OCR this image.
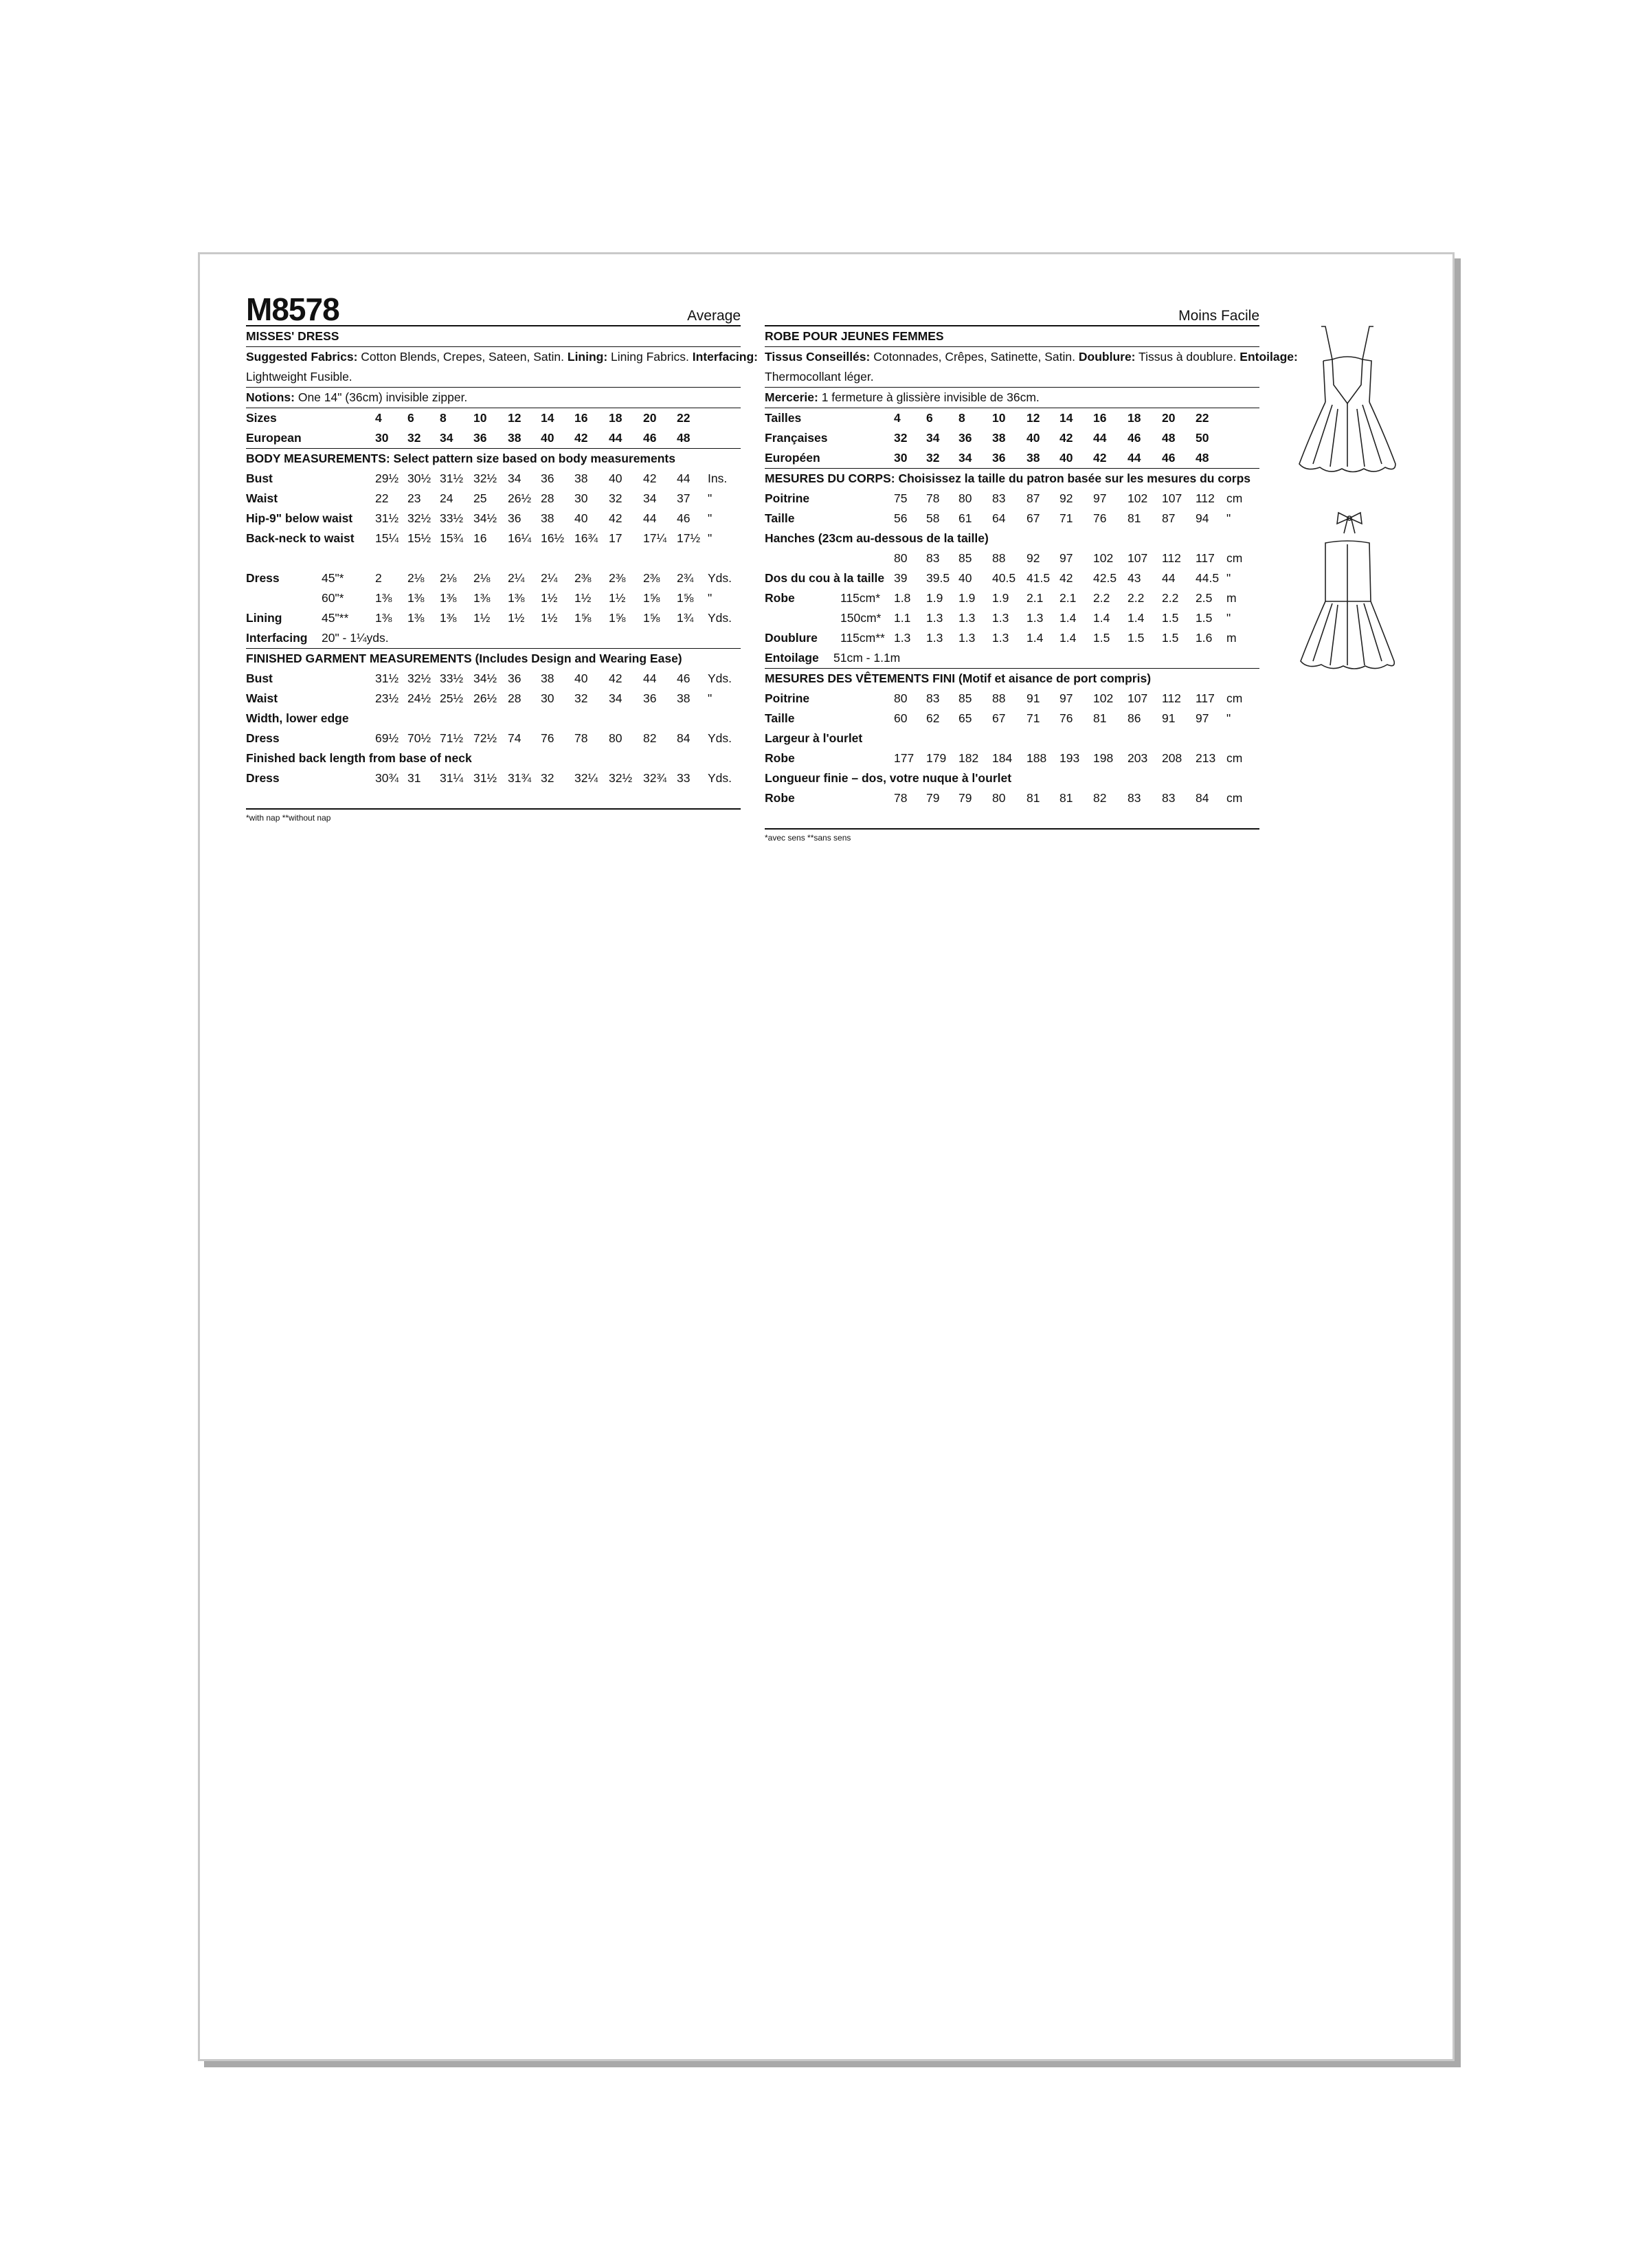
M8578	Average
MISSES' DRESS
Suggested Fabrics: Cotton Blends, Crepes, Sateen, Satin. Lining: Lining Fabrics. Interfacing:
Lightweight Fusible.
Notions: One 14" (36cm) invisible zipper.
Sizes	4 6 8 10 12 14 16 18 20 22
European	30 32 34 36 38 40 42 44 46 48
BODY MEASUREMENTS: Select pattern size based on body measurements
Bust	29½ 30½ 31½ 32½ 34 36 38 40 42 44 Ins.
Waist	22 23 24 25 26½ 28 30 32 34 37 "
Hip-9" below waist 31½ 32½ 33½ 34½ 36 38 40 42 44 46 "
Back-neck to waist 15¼ 15½ 15¾ 16 16¼ 16½ 16¾ 17 17¼ 17½ "
Dress	45"*	2 2⅛ 2⅛ 2⅛ 2¼ 2¼ 2⅜ 2⅜ 2⅜ 2¾ Yds.
60"*	1⅜ 1⅜ 1⅜ 1⅜ 1⅜ 1½ 1½ 1½ 1⅝ 1⅝ "
Lining	45"** 1⅜ 1⅜ 1⅜ 1½ 1½ 1½ 1⅝ 1⅝ 1⅝ 1¾ Yds.
Interfacing 20" - 1¼yds.
FINISHED GARMENT MEASUREMENTS (Includes Design and Wearing Ease)
Bust	31½ 32½ 33½ 34½ 36 38 40 42 44 46 Yds.
Waist	23½ 24½ 25½ 26½ 28 30 32 34 36 38 "
Width, lower edge
Dress	69½ 70½ 71½ 72½ 74 76 78 80 82 84 Yds.
Finished back length from base of neck
Dress	30¾ 31 31¼ 31½ 31¾ 32 32¼ 32½ 32¾ 33 Yds.
*with nap **without nap
Moins Facile
ROBE POUR JEUNES FEMMES
Tissus Conseillés: Cotonnades, Crêpes, Satinette, Satin. Doublure: Tissus à doublure. Entoilage:
Thermocollant léger.
Mercerie: 1 fermeture à glissière invisible de 36cm.
Tailles	4 6 8 10 12 14 16 18 20 22
Françaises	32 34 36 38 40 42 44 46 48 50
Européen	30 32 34 36 38 40 42 44 46 48
MESURES DU CORPS: Choisissez la taille du patron basée sur les mesures du corps
Poitrine	75 78 80 83 87 92 97 102 107 112 cm
Taille	56 58 61 64 67 71 76 81 87 94 "
Hanches (23cm au-dessous de la taille)
80 83 85 88 92 97 102 107 112 117 cm
Dos du cou à la taille 39 39.5 40 40.5 41.5 42 42.5 43 44 44.5 "
Robe	115cm* 1.8 1.9 1.9 1.9 2.1 2.1 2.2 2.2 2.2 2.5 m
150cm* 1.1 1.3 1.3 1.3 1.3 1.4 1.4 1.4 1.5 1.5 "
Doublure 115cm** 1.3 1.3 1.3 1.3 1.4 1.4 1.5 1.5 1.5 1.6 m
Entoilage 51cm - 1.1m
MESURES DES VÊTEMENTS FINI (Motif et aisance de port compris)
Poitrine	80 83 85 88 91 97 102 107 112 117 cm
Taille	60 62 65 67 71 76 81 86 91 97 "
Largeur à l'ourlet
Robe	177 179 182 184 188 193 198 203 208 213 cm
Longueur finie – dos, votre nuque à l'ourlet
Robe	78 79 79 80 81 81 82 83 83 84 cm
*avec sens **sans sens
